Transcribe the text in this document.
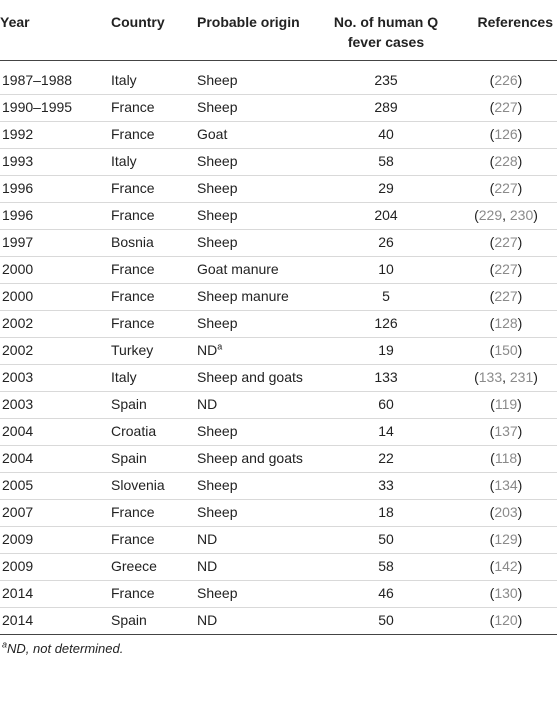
Year	Country	Probable origin	No. of human Q fever cases	References
1987–1988	Italy	Sheep	235	(226)
1990–1995	France	Sheep	289	(227)
1992	France	Goat	40	(126)
1993	Italy	Sheep	58	(228)
1996	France	Sheep	29	(227)
1996	France	Sheep	204	(229, 230)
1997	Bosnia	Sheep	26	(227)
2000	France	Goat manure	10	(227)
2000	France	Sheep manure	5	(227)
2002	France	Sheep	126	(128)
2002	Turkey	$ND^a$	19	(150)
2003	Italy	Sheep and goats	133	(133, 231)
2003	Spain	ND	60	(119)
2004	Croatia	Sheep	14	(137)
2004	Spain	Sheep and goats	22	(118)
2005	Slovenia	Sheep	33	(134)
2007	France	Sheep	18	(203)
2009	France	ND	50	(129)
2009	Greece	ND	58	(142)
2014	France	Sheep	46	(130)
2014	Spain	ND	50	(120)
$^a$ND, not determined.
